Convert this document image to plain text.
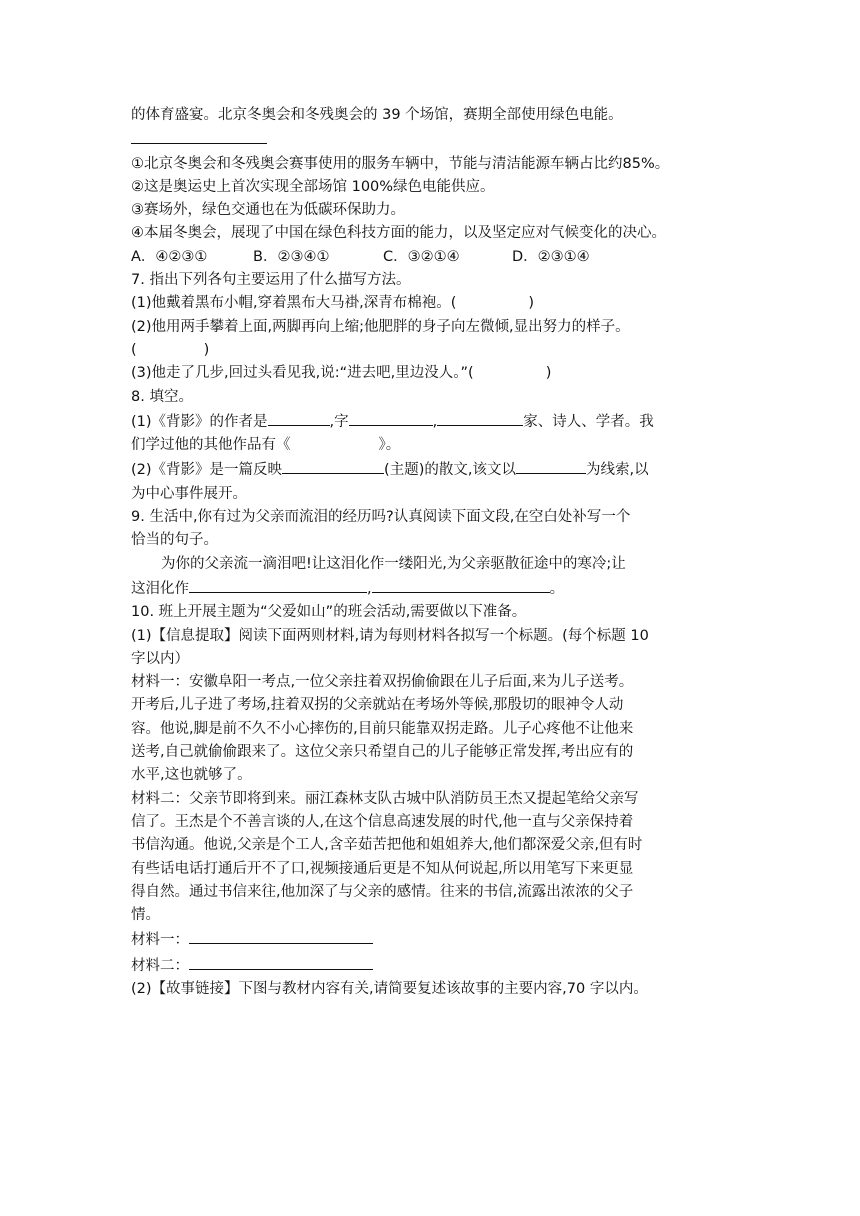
的体育盛宴。北京冬奥会和冬残奥会的 39 个场馆，赛期全部使用绿色电能。
①北京冬奥会和冬残奥会赛事使用的服务车辆中，节能与清洁能源车辆占比约85%。
②这是奥运史上首次实现全部场馆 100%绿色电能供应。
③赛场外，绿色交通也在为低碳环保助力。
④本届冬奥会，展现了中国在绿色科技方面的能力，以及坚定应对气候变化的决心。
A．④②③①	B．②③④①	C．③②①④	D．②③①④
7. 指出下列各句主要运用了什么描写方法。
(1)他戴着黑布小帽,穿着黑布大马褂,深青布棉袍。(	)
(2)他用两手攀着上面,两脚再向上缩;他肥胖的身子向左微倾,显出努力的样子。
(	)
(3)他走了几步,回过头看见我,说:“进去吧,里边没人。”(	)
8. 填空。
(1)《背影》的作者是	,字	,	家、诗人、学者。我
们学过他的其他作品有《	》。
(2)《背影》是一篇反映	(主题)的散文,该文以	为线索,以
为中心事件展开。
9. 生活中,你有过为父亲而流泪的经历吗?认真阅读下面文段,在空白处补写一个
恰当的句子。
为你的父亲流一滴泪吧!让这泪化作一缕阳光,为父亲驱散征途中的寒冷;让
这泪化作	,	。
10. 班上开展主题为“父爱如山”的班会活动,需要做以下准备。
(1)【信息提取】阅读下面两则材料,请为每则材料各拟写一个标题。(每个标题 10
字以内）
材料一：安徽阜阳一考点,一位父亲拄着双拐偷偷跟在儿子后面,来为儿子送考。
开考后,儿子进了考场,拄着双拐的父亲就站在考场外等候,那殷切的眼神令人动
容。他说,脚是前不久不小心摔伤的,目前只能靠双拐走路。儿子心疼他不让他来
送考,自己就偷偷跟来了。这位父亲只希望自己的儿子能够正常发挥,考出应有的
水平,这也就够了。
材料二：父亲节即将到来。丽江森林支队古城中队消防员王杰又提起笔给父亲写
信了。王杰是个不善言谈的人,在这个信息高速发展的时代,他一直与父亲保持着
书信沟通。他说,父亲是个工人,含辛茹苦把他和姐姐养大,他们都深爱父亲,但有时
有些话电话打通后开不了口,视频接通后更是不知从何说起,所以用笔写下来更显
得自然。通过书信来往,他加深了与父亲的感情。往来的书信,流露出浓浓的父子
情。
材料一：
材料二：
(2)【故事链接】下图与教材内容有关,请简要复述该故事的主要内容,70 字以内。
